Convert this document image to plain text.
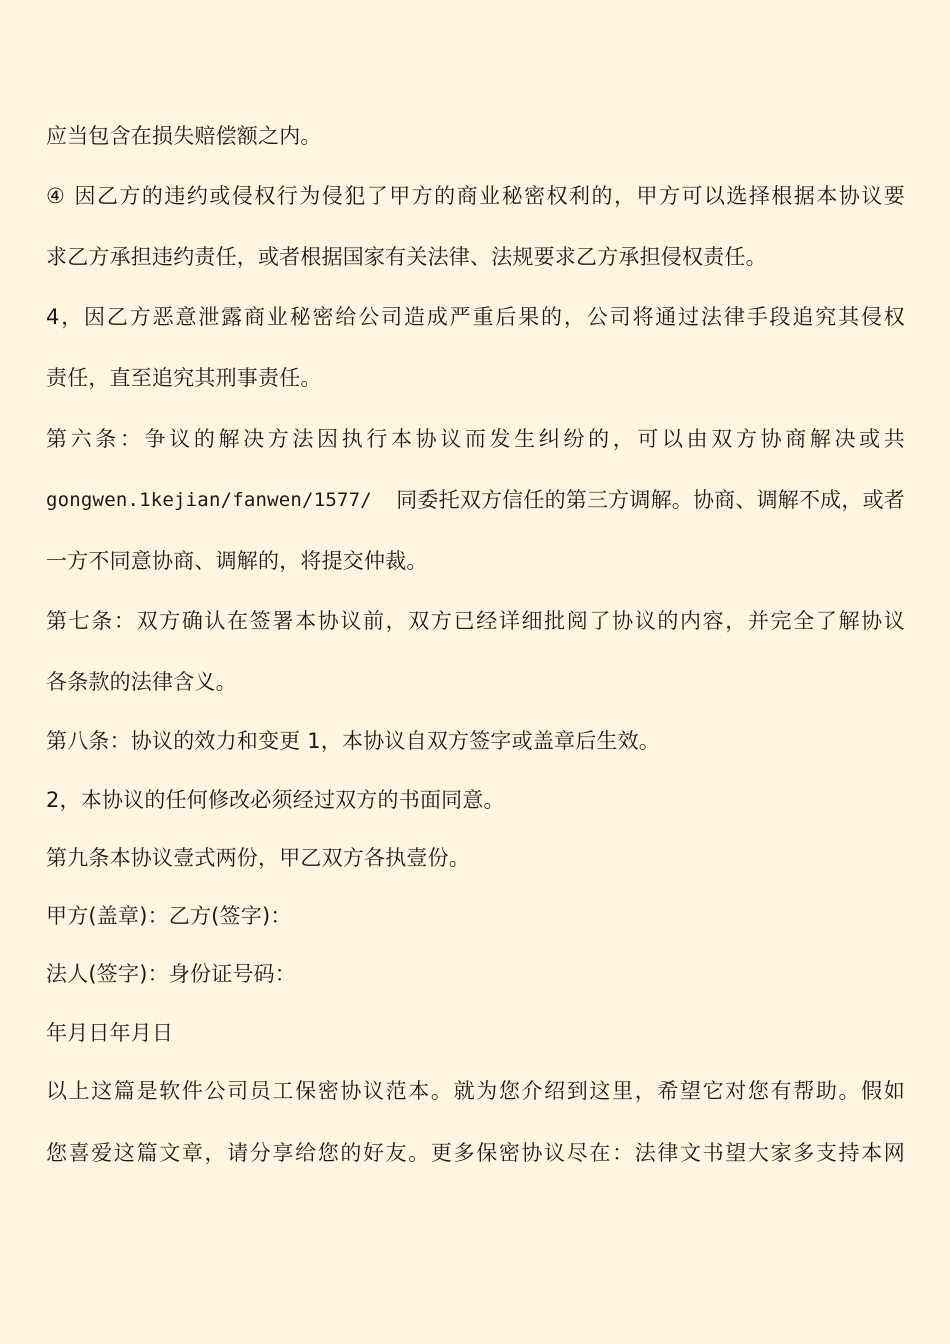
应当包含在损失赔偿额之内。
④ 因乙方的违约或侵权行为侵犯了甲方的商业秘密权利的，甲方可以选择根据本协议要
求乙方承担违约责任，或者根据国家有关法律、法规要求乙方承担侵权责任。
4，因乙方恶意泄露商业秘密给公司造成严重后果的，公司将通过法律手段追究其侵权
责任，直至追究其刑事责任。
第六条：争议的解决方法因执行本协议而发生纠纷的，可以由双方协商解决或共
gongwen.1kejian/fanwen/1577/ 同委托双方信任的第三方调解。协商、调解不成，或者
一方不同意协商、调解的，将提交仲裁。
第七条：双方确认在签署本协议前，双方已经详细批阅了协议的内容，并完全了解协议
各条款的法律含义。
第八条：协议的效力和变更 1，本协议自双方签字或盖章后生效。
2，本协议的任何修改必须经过双方的书面同意。
第九条本协议壹式两份，甲乙双方各执壹份。
甲方(盖章)：乙方(签字)：
法人(签字)：身份证号码：
年月日年月日
以上这篇是软件公司员工保密协议范本。就为您介绍到这里，希望它对您有帮助。假如
您喜爱这篇文章，请分享给您的好友。更多保密协议尽在：法律文书望大家多支持本网
